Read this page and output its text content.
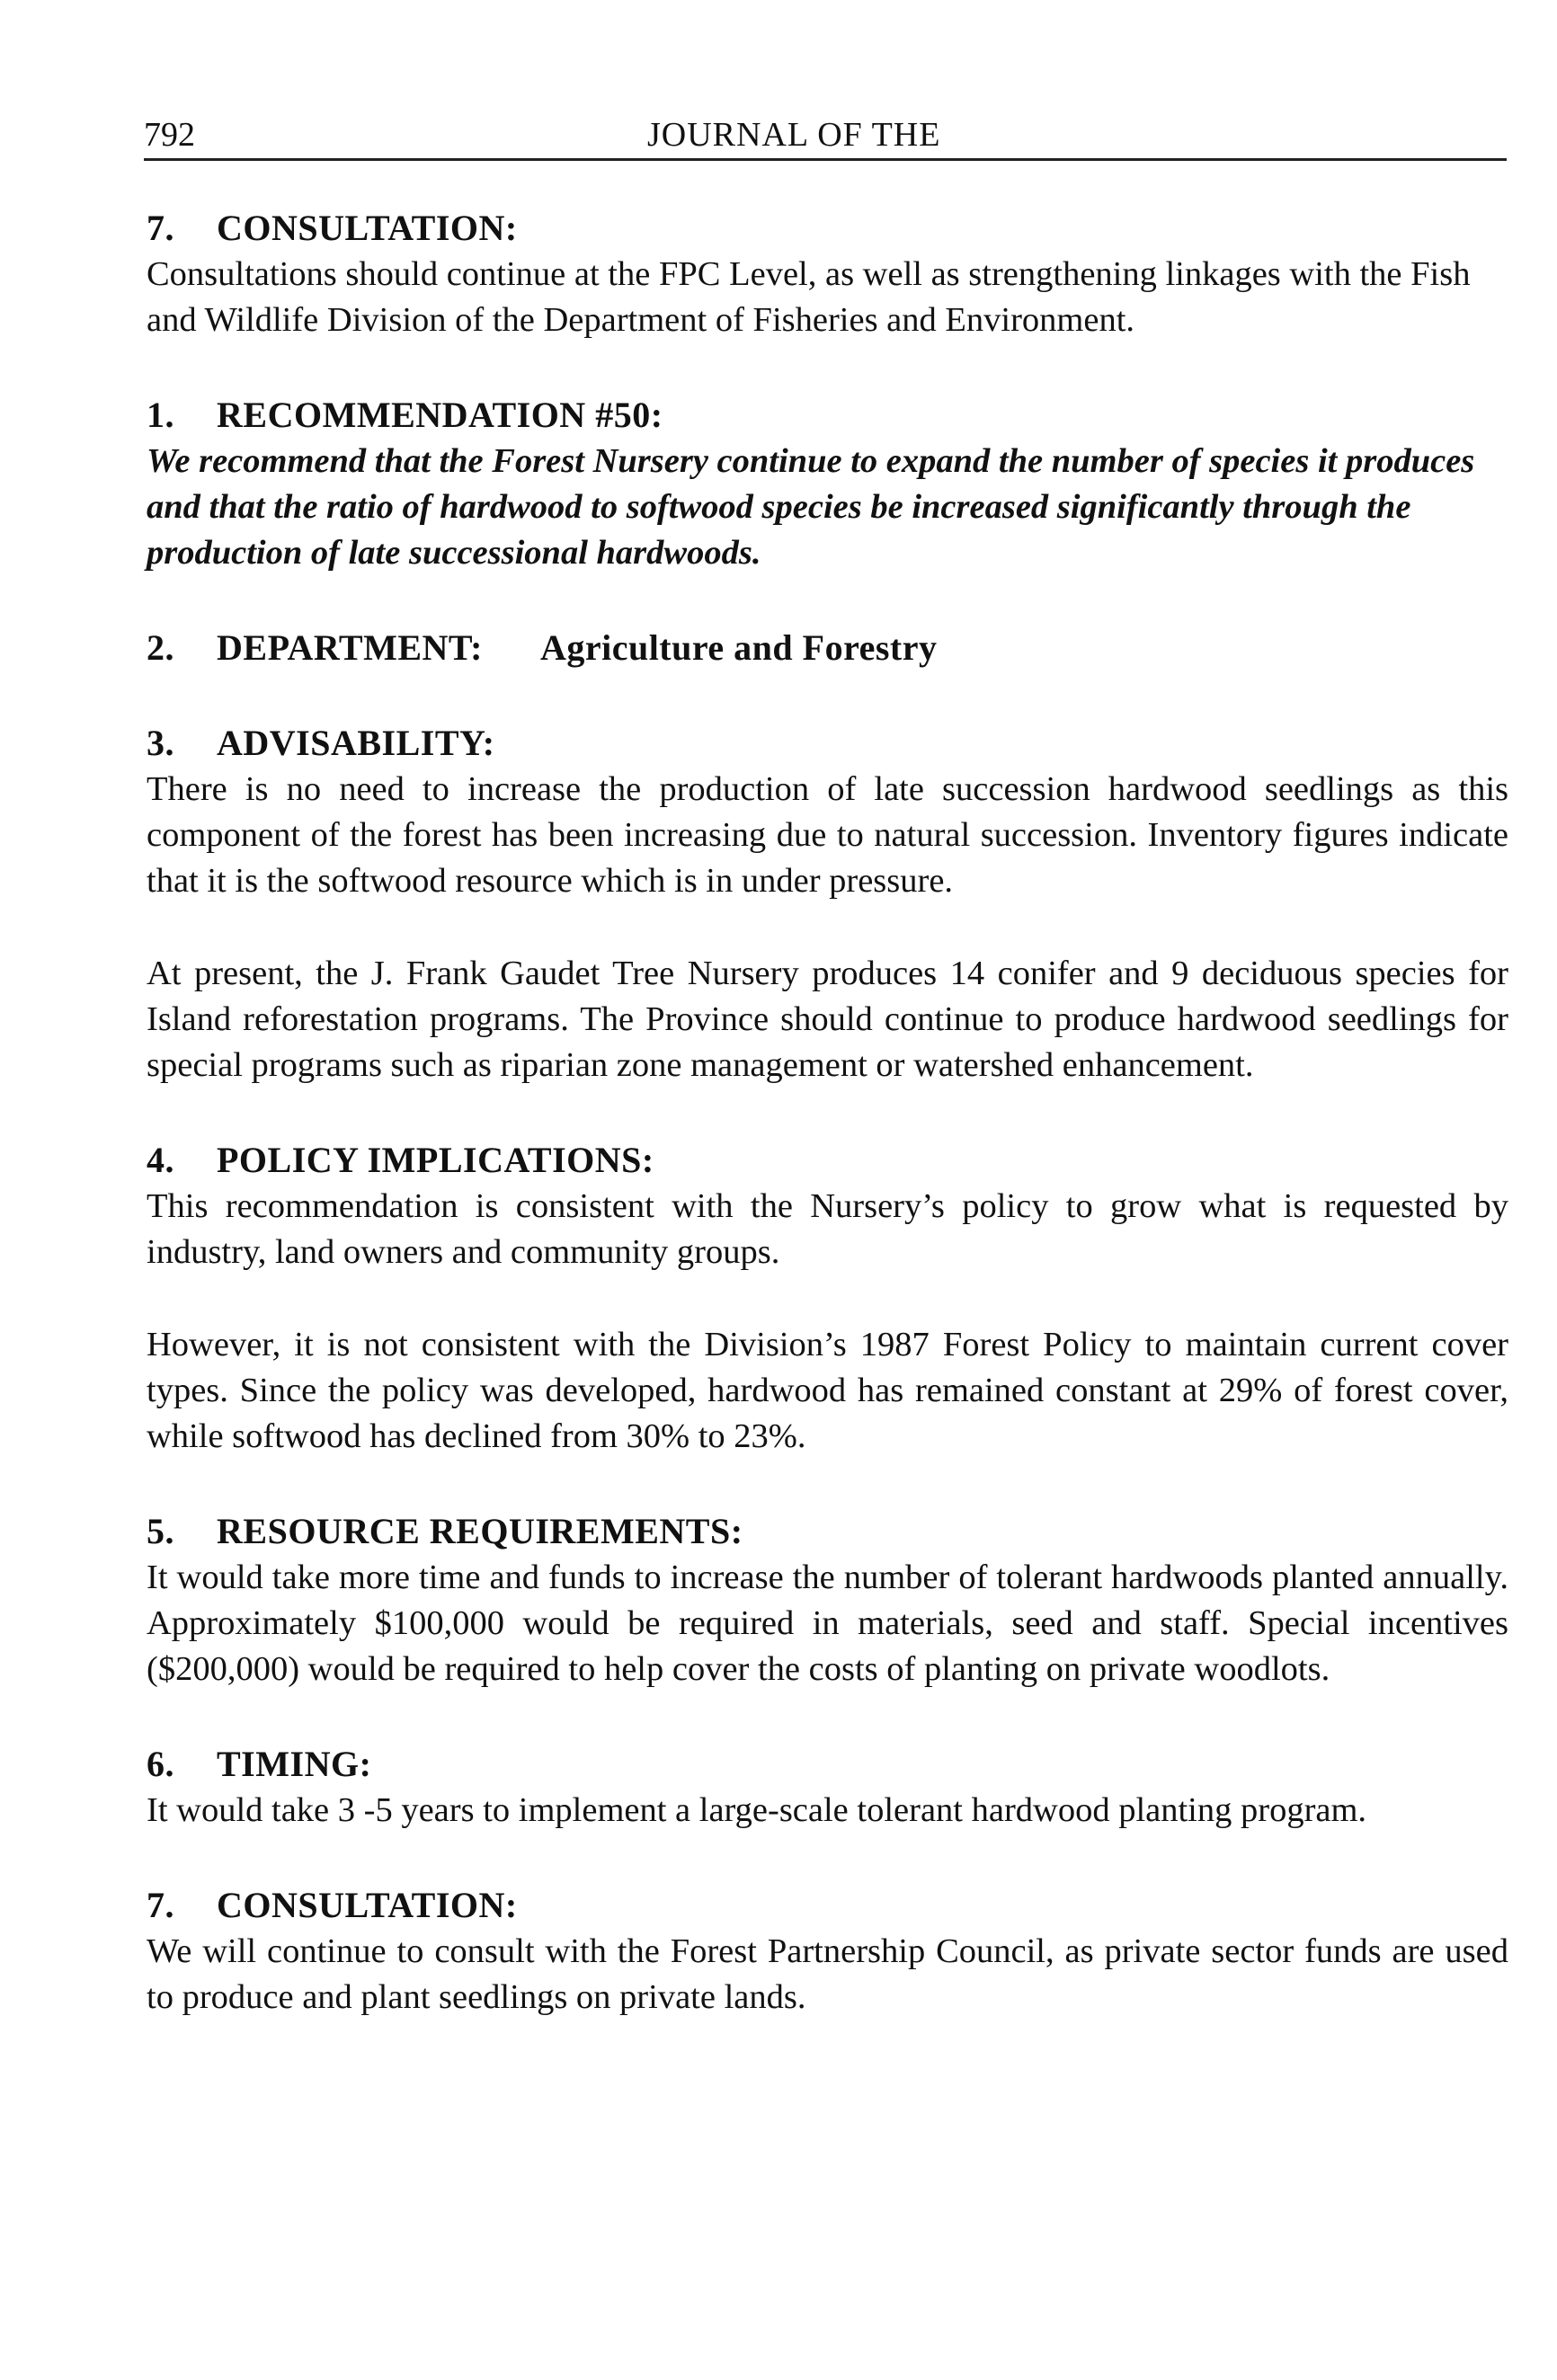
792	JOURNAL OF THE
7. CONSULTATION:

Consultations should continue at the FPC Level, as well as strengthening linkages with the Fish and Wildlife Division of the Department of Fisheries and Environment.

1. RECOMMENDATION #50:

We recommend that the Forest Nursery continue to expand the number of species it produces and that the ratio of hardwood to softwood species be increased significantly through the production of late successional hardwoods.

2. DEPARTMENT: Agriculture and Forestry
3. ADVISABILITY:

There is no need to increase the production of late succession hardwood seedlings as this component of the forest has been increasing due to natural succession. Inventory figures indicate that it is the softwood resource which is in under pressure.

At present, the J. Frank Gaudet Tree Nursery produces 14 conifer and 9 deciduous species for Island reforestation programs. The Province should continue to produce hardwood seedlings for special programs such as riparian zone management or watershed enhancement.

4. POLICY IMPLICATIONS:

This recommendation is consistent with the Nursery’s policy to grow what is requested by industry, land owners and community groups.

However, it is not consistent with the Division’s 1987 Forest Policy to maintain current cover types. Since the policy was developed, hardwood has remained constant at 29% of forest cover, while softwood has declined from 30% to 23%.

5. RESOURCE REQUIREMENTS:

It would take more time and funds to increase the number of tolerant hardwoods planted annually. Approximately $100,000 would be required in materials, seed and staff. Special incentives ($200,000) would be required to help cover the costs of planting on private woodlots.

6. TIMING:

It would take 3 -5 years to implement a large-scale tolerant hardwood planting program.

7. CONSULTATION:

We will continue to consult with the Forest Partnership Council, as private sector funds are used to produce and plant seedlings on private lands.
